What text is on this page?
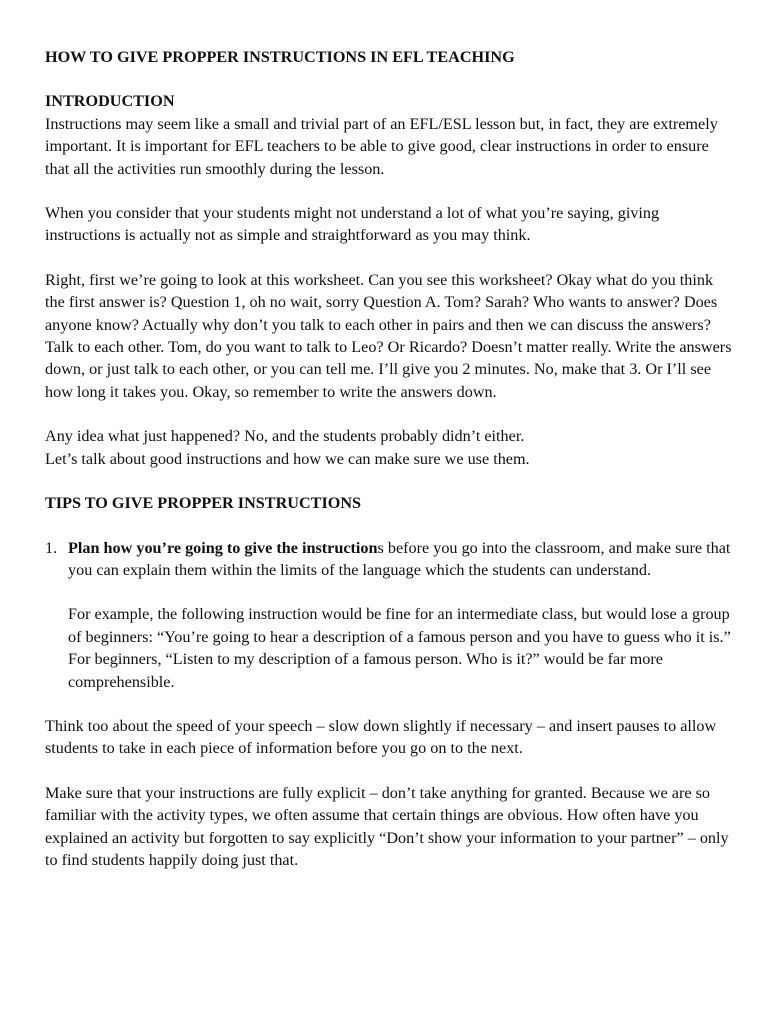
HOW TO GIVE PROPPER INSTRUCTIONS IN EFL TEACHING

INTRODUCTION

Instructions may seem like a small and trivial part of an EFL/ESL lesson but, in fact, they are extremely important. It is important for EFL teachers to be able to give good, clear instructions in order to ensure that all the activities run smoothly during the lesson.

When you consider that your students might not understand a lot of what you’re saying, giving instructions is actually not as simple and straightforward as you may think.

Right, first we’re going to look at this worksheet. Can you see this worksheet? Okay what do you think the first answer is? Question 1, oh no wait, sorry Question A. Tom? Sarah? Who wants to answer? Does anyone know? Actually why don’t you talk to each other in pairs and then we can discuss the answers? Talk to each other. Tom, do you want to talk to Leo? Or Ricardo? Doesn’t matter really. Write the answers down, or just talk to each other, or you can tell me. I’ll give you 2 minutes. No, make that 3. Or I’ll see how long it takes you. Okay, so remember to write the answers down.

Any idea what just happened? No, and the students probably didn’t either.

Let’s talk about good instructions and how we can make sure we use them.

TIPS TO GIVE PROPPER INSTRUCTIONS

1. Plan how you’re going to give the instructions before you go into the classroom, and make sure that you can explain them within the limits of the language which the students can understand.

For example, the following instruction would be fine for an intermediate class, but would lose a group of beginners: “You’re going to hear a description of a famous person and you have to guess who it is.” For beginners, “Listen to my description of a famous person. Who is it?” would be far more comprehensible.

Think too about the speed of your speech – slow down slightly if necessary – and insert pauses to allow students to take in each piece of information before you go on to the next.

Make sure that your instructions are fully explicit – don’t take anything for granted. Because we are so familiar with the activity types, we often assume that certain things are obvious. How often have you explained an activity but forgotten to say explicitly “Don’t show your information to your partner” – only to find students happily doing just that.
